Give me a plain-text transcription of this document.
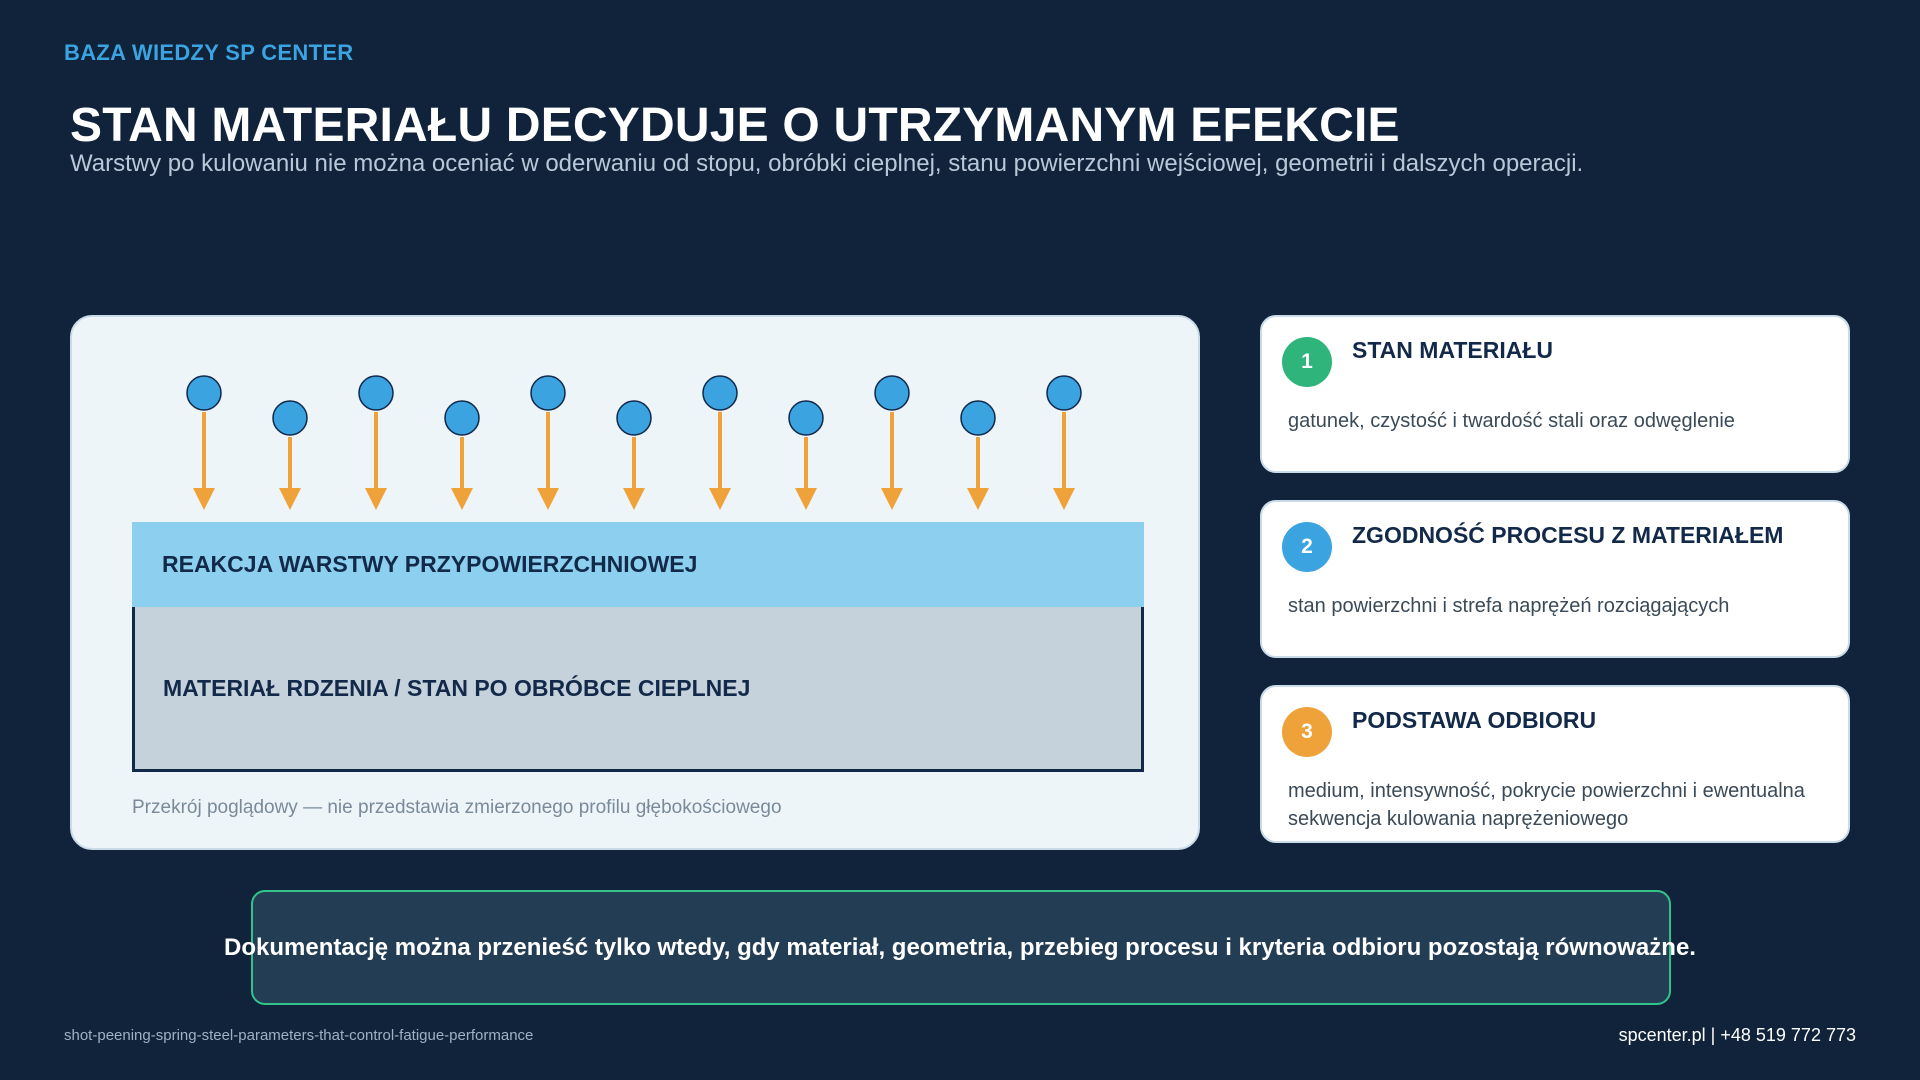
BAZA WIEDZY SP CENTER
STAN MATERIAŁU DECYDUJE O UTRZYMANYM EFEKCIE
Warstwy po kulowaniu nie można oceniać w oderwaniu od stopu, obróbki cieplnej, stanu powierzchni wejściowej, geometrii i dalszych operacji.
REAKCJA WARSTWY PRZYPOWIERZCHNIOWEJ
MATERIAŁ RDZENIA / STAN PO OBRÓBCE CIEPLNEJ
Przekrój poglądowy — nie przedstawia zmierzonego profilu głębokościowego
1	STAN MATERIAŁU
gatunek, czystość i twardość stali oraz odwęglenie
2	ZGODNOŚĆ PROCESU Z MATERIAŁEM
stan powierzchni i strefa naprężeń rozciągających
3	PODSTAWA ODBIORU
medium, intensywność, pokrycie powierzchni i ewentualna sekwencja kulowania naprężeniowego
Dokumentację można przenieść tylko wtedy, gdy materiał, geometria, przebieg procesu i kryteria odbioru pozostają równoważne.
shot-peening-spring-steel-parameters-that-control-fatigue-performance	spcenter.pl | +48 519 772 773
